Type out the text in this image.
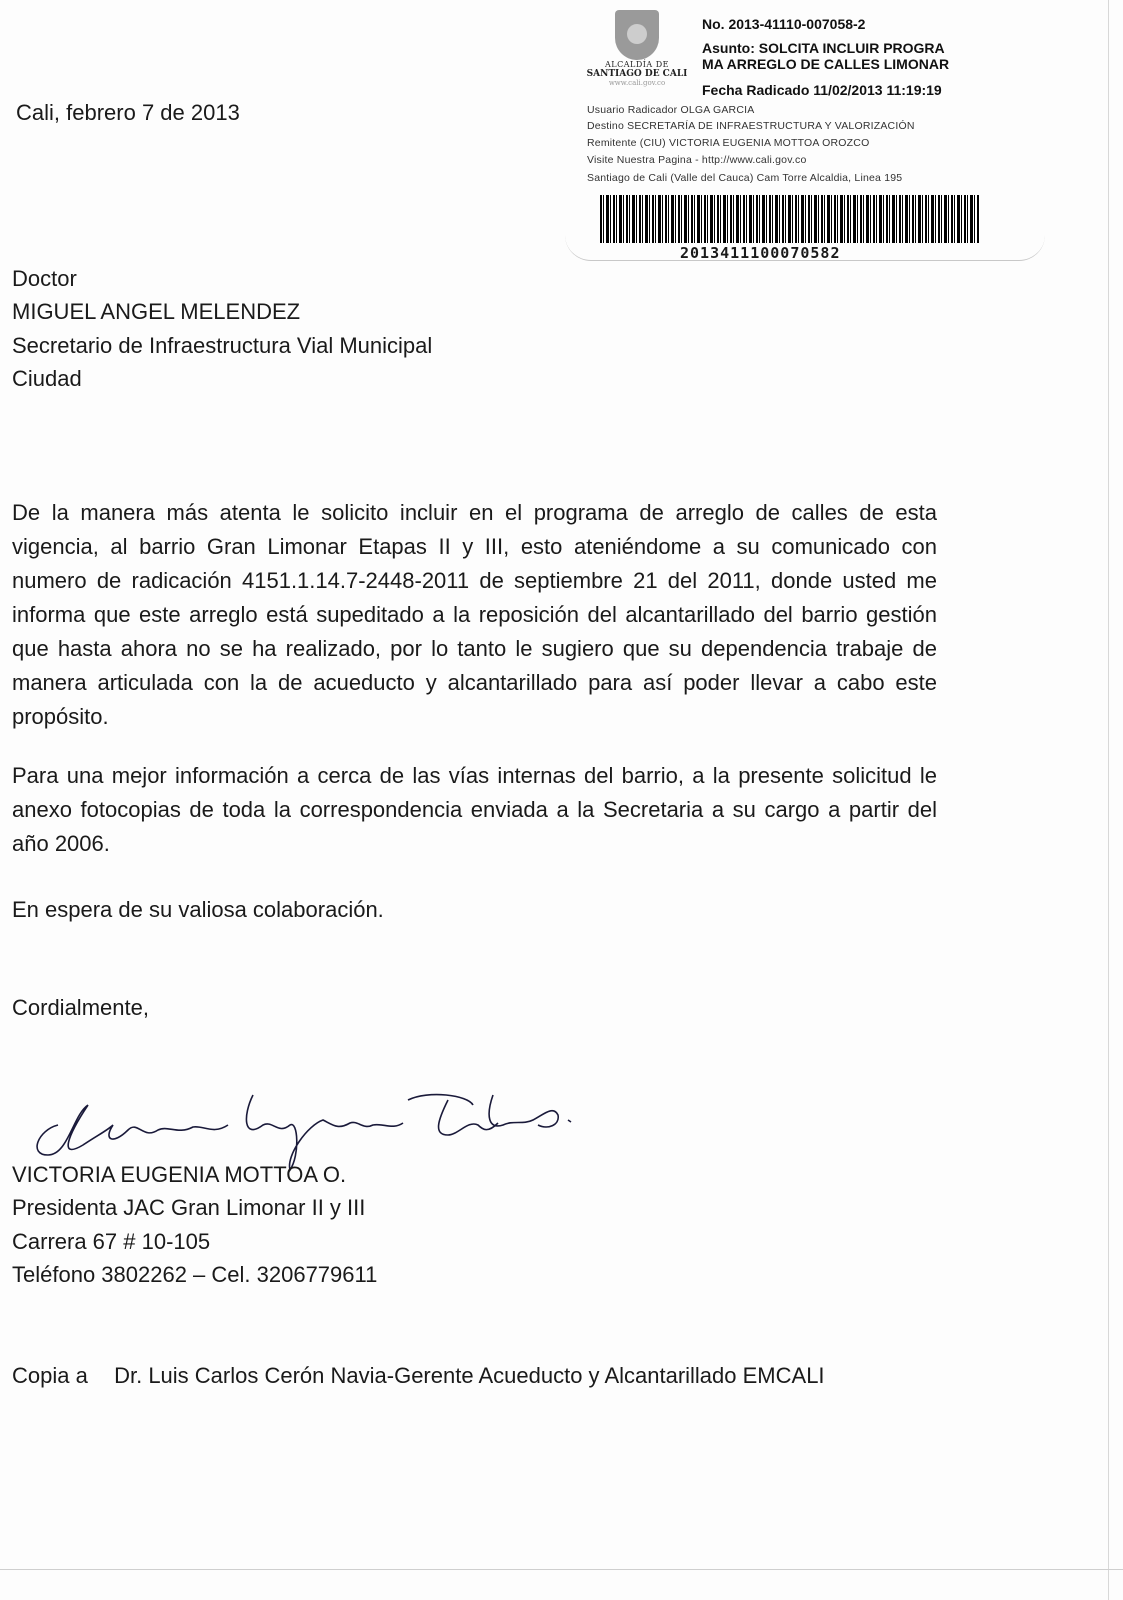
ALCALDÍA DE
SANTIAGO DE CALI
www.cali.gov.co
No. 2013-41110-007058-2
Asunto: SOLCITA INCLUIR PROGRA
MA ARREGLO DE CALLES LIMONAR
Fecha Radicado 11/02/2013 11:19:19
Usuario Radicador OLGA GARCIA
Destino SECRETARÍA DE INFRAESTRUCTURA Y VALORIZACIÓN
Remitente (CIU) VICTORIA EUGENIA MOTTOA OROZCO
Visite Nuestra Pagina - http://www.cali.gov.co
Santiago de Cali (Valle del Cauca) Cam Torre Alcaldia, Linea 195
2013411100070582
Cali, febrero 7 de 2013
Doctor
MIGUEL ANGEL MELENDEZ
Secretario de Infraestructura Vial Municipal
Ciudad
De la manera más atenta le solicito incluir en el programa de arreglo de calles de esta vigencia, al barrio Gran Limonar Etapas II y III, esto ateniéndome a su comunicado con numero de radicación 4151.1.14.7-2448-2011 de septiembre 21 del 2011, donde usted me informa que este arreglo está supeditado a la reposición del alcantarillado del barrio gestión que hasta ahora no se ha realizado, por lo tanto le sugiero que su dependencia trabaje de manera articulada con la de acueducto y alcantarillado para así poder llevar a cabo este propósito.
Para una mejor información a cerca de las vías internas del barrio, a la presente solicitud le anexo fotocopias de toda la correspondencia enviada a la Secretaria a su cargo a partir del año 2006.
En espera de su valiosa colaboración.
Cordialmente,
VICTORIA EUGENIA MOTTOA O.
Presidenta JAC Gran Limonar II y III
Carrera 67 # 10-105
Teléfono 3802262 – Cel. 3206779611
Copia a Dr. Luis Carlos Cerón Navia-Gerente Acueducto y Alcantarillado EMCALI
